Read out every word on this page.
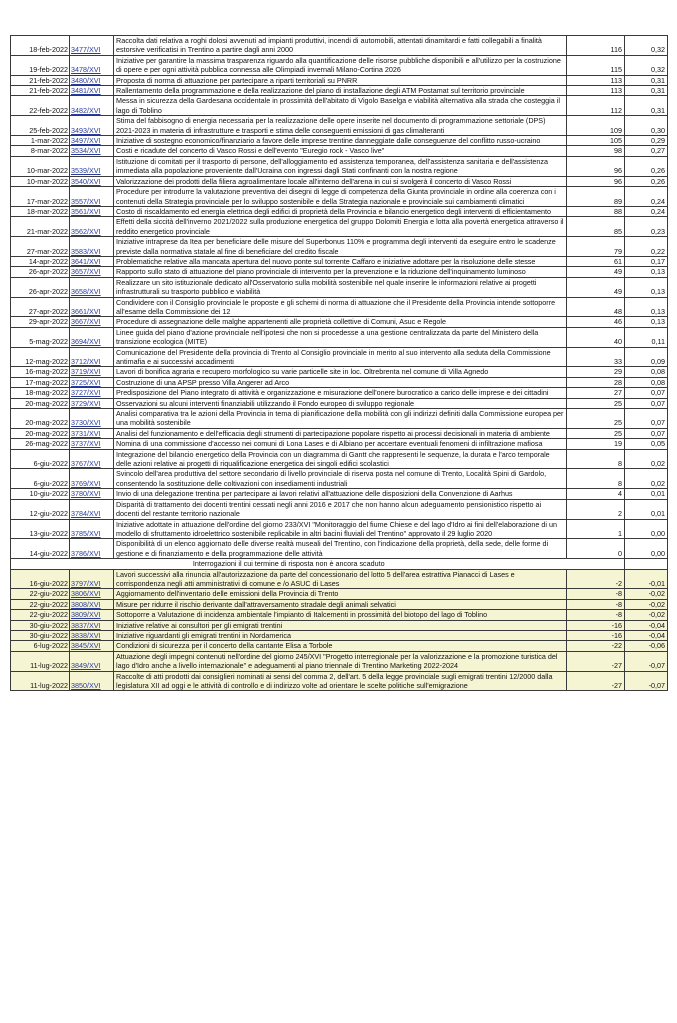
18-feb-2022	3477/XVI	Raccolta dati relativa a roghi dolosi avvenuti ad impianti produttivi, incendi di automobili, attentati dinamitardi e fatti collegabili a finalità estorsive verificatisi in Trentino a partire dagli anni 2000	116	0,32
19-feb-2022	3478/XVI	Iniziative per garantire la massima trasparenza riguardo alla quantificazione delle risorse pubbliche disponibili e all'utilizzo per la costruzione di opere e per ogni attività pubblica connessa alle Olimpiadi invernali Milano-Cortina 2026	115	0,32
21-feb-2022	3480/XVI	Proposta di norma di attuazione per partecipare a riparti territoriali su PNRR	113	0,31
21-feb-2022	3481/XVI	Rallentamento della programmazione e della realizzazione del piano di installazione degli ATM Postamat sul territorio provinciale	113	0,31
22-feb-2022	3482/XVI	Messa in sicurezza della Gardesana occidentale in prossimità dell'abitato di Vigolo Baselga e viabilità alternativa alla strada che costeggia il lago di Toblino	112	0,31
25-feb-2022	3493/XVI	Stima del fabbisogno di energia necessaria per la realizzazione delle opere inserite nel documento di programmazione settoriale (DPS) 2021-2023 in materia di infrastrutture e trasporti e stima delle conseguenti emissioni di gas climalteranti	109	0,30
1-mar-2022	3497/XVI	Iniziative di sostegno economico/finanziario a favore delle imprese trentine danneggiate dalle conseguenze del conflitto russo-ucraino	105	0,29
8-mar-2022	3534/XVI	Costi e ricadute del concerto di Vasco Rossi e dell'evento "Euregio rock - Vasco live"	98	0,27
10-mar-2022	3539/XVI	Istituzione di comitati per il trasporto di persone, dell'alloggiamento ed assistenza temporanea, dell'assistenza sanitaria e dell'assistenza immediata alla popolazione proveniente dall'Ucraina con ingressi dagli Stati confinanti con la nostra regione	96	0,26
10-mar-2022	3540/XVI	Valorizzazione dei prodotti della filiera agroalimentare locale all'interno dell'arena in cui si svolgerà il concerto di Vasco Rossi	96	0,26
17-mar-2022	3557/XVI	Procedure per introdurre la valutazione preventiva dei disegni di legge di competenza della Giunta provinciale in ordine alla coerenza con i contenuti della Strategia provinciale per lo sviluppo sostenibile e della Strategia nazionale e provinciale sui cambiamenti climatici	89	0,24
18-mar-2022	3561/XVI	Costo di riscaldamento ed energia elettrica degli edifici di proprietà della Provincia e bilancio energetico degli interventi di efficientamento	88	0,24
21-mar-2022	3562/XVI	Effetti della siccità dell'inverno 2021/2022 sulla produzione energetica del gruppo Dolomiti Energia e lotta alla povertà energetica attraverso il reddito energetico provinciale	85	0,23
27-mar-2022	3583/XVI	Iniziative intraprese da Itea per beneficiare delle misure del Superbonus 110% e programma degli interventi da eseguire entro le scadenze previste dalla normativa statale al fine di beneficiare del credito fiscale	79	0,22
14-apr-2022	3641/XVI	Problematiche relative alla mancata apertura del nuovo ponte sul torrente Caffaro e iniziative adottare per la risoluzione delle stesse	61	0,17
26-apr-2022	3657/XVI	Rapporto sullo stato di attuazione del piano provinciale di intervento per la prevenzione e la riduzione dell'inquinamento luminoso	49	0,13
26-apr-2022	3658/XVI	Realizzare un sito istituzionale dedicato all'Osservatorio sulla mobilità sostenibile nel quale inserire le informazioni relative ai progetti infrastrutturali su trasporto pubblico e viabilità	49	0,13
27-apr-2022	3661/XVI	Condividere con il Consiglio provinciale le proposte e gli schemi di norma di attuazione che il Presidente della Provincia intende sottoporre all'esame della Commissione dei 12	48	0,13
29-apr-2022	3667/XVI	Procedure di assegnazione delle malghe appartenenti alle proprietà collettive di Comuni, Asuc e Regole	46	0,13
5-mag-2022	3694/XVI	Linee guida del piano d'azione provinciale nell'ipotesi che non si procedesse a una gestione centralizzata da parte del Ministero della transizione ecologica (MITE)	40	0,11
12-mag-2022	3712/XVI	Comunicazione del Presidente della provincia di Trento al Consiglio provinciale in merito al suo intervento alla seduta della Commissione antimafia e ai successivi accadimenti	33	0,09
16-mag-2022	3719/XVI	Lavori di bonifica agraria e recupero morfologico su varie particelle site in loc. Oltrebrenta nel comune di Villa Agnedo	29	0,08
17-mag-2022	3725/XVI	Costruzione di una APSP presso Villa Angerer ad Arco	28	0,08
18-mag-2022	3727/XVI	Predisposizione del Piano integrato di attività e organizzazione e misurazione dell'onere burocratico a carico delle imprese e dei cittadini	27	0,07
20-mag-2022	3729/XVI	Osservazioni su alcuni interventi finanziabili utilizzando il Fondo europeo di sviluppo regionale	25	0,07
20-mag-2022	3730/XVI	Analisi comparativa tra le azioni della Provincia in tema di pianificazione della mobilità con gli indirizzi definiti dalla Commissione europea per una mobilità sostenibile	25	0,07
20-mag-2022	3731/XVI	Analisi del funzionamento e dell'efficacia degli strumenti di partecipazione popolare rispetto ai processi decisionali in materia di ambiente	25	0,07
26-mag-2022	3737/XVI	Nomina di una commissione d'accesso nei comuni di Lona Lases e di Albiano per accertare eventuali fenomeni di infiltrazione mafiosa	19	0,05
6-giu-2022	3767/XVI	Integrazione del bilancio energetico della Provincia con un diagramma di Gantt che rappresenti le sequenze, la durata e l'arco temporale delle azioni relative ai progetti di riqualificazione energetica dei singoli edifici scolastici	8	0,02
6-giu-2022	3769/XVI	Svincolo dell'area produttiva del settore secondario di livello provinciale di riserva posta nel comune di Trento, Località Spini di Gardolo, consentendo la sostituzione delle coltivazioni con insediamenti industriali	8	0,02
10-giu-2022	3780/XVI	Invio di una delegazione trentina per partecipare ai lavori relativi all'attuazione delle disposizioni della Convenzione di Aarhus	4	0,01
12-giu-2022	3784/XVI	Disparità di trattamento dei docenti trentini cessati negli anni 2016 e 2017 che non hanno alcun adeguamento pensionistico rispetto ai docenti del restante territorio nazionale	2	0,01
13-giu-2022	3785/XVI	Iniziative adottate in attuazione dell'ordine del giorno 233/XVI "Monitoraggio del fiume Chiese e del lago d'Idro ai fini dell'elaborazione di un modello di sfruttamento idroelettrico sostenibile replicabile in altri bacini fluviali del Trentino" approvato il 29 luglio 2020	1	0,00
14-giu-2022	3786/XVI	Disponibilità di un elenco aggiornato delle diverse realtà museali del Trentino, con l'indicazione della proprietà, della sede, delle forme di gestione e di finanziamento e della programmazione delle attività	0	0,00
Interrogazioni il cui termine di risposta non è ancora scaduto				
16-giu-2022	3797/XVI	Lavori successivi alla rinuncia all'autorizzazione da parte del concessionario del lotto 5 dell'area estrattiva Pianacci di Lases e corrispondenza negli atti amministrativi di comune e /o ASUC di Lases	-2	-0,01
22-giu-2022	3806/XVI	Aggiornamento dell'inventario delle emissioni della Provincia di Trento	-8	-0,02
22-giu-2022	3808/XVI	Misure per ridurre il rischio derivante dall'attraversamento stradale degli animali selvatici	-8	-0,02
22-giu-2022	3809/XVI	Sottoporre a Valutazione di incidenza ambientale l'impianto di Italcementi in prossimità del biotopo del lago di Toblino	-8	-0,02
30-giu-2022	3837/XVI	Iniziative relative ai consultori per gli emigrati trentini	-16	-0,04
30-giu-2022	3838/XVI	Iniziative riguardanti gli emigrati trentini in Nordamerica	-16	-0,04
6-lug-2022	3845/XVI	Condizioni di sicurezza per il concerto della cantante Elisa a Torbole	-22	-0,06
11-lug-2022	3849/XVI	Attuazione degli impegni contenuti nell'ordine del giorno 245/XVI "Progetto interregionale per la valorizzazione e la promozione turistica del lago d'Idro anche a livello internazionale" e adeguamenti al piano triennale di Trentino Marketing 2022-2024	-27	-0,07
11-lug-2022	3850/XVI	Raccolte di atti prodotti dai consiglieri nominati ai sensi del comma 2, dell'art. 5 della legge provinciale sugli emigrati trentini 12/2000 dalla legislatura XII ad oggi e le attività di controllo e di indirizzo volte ad orientare le scelte politiche sull'emigrazione	-27	-0,07
